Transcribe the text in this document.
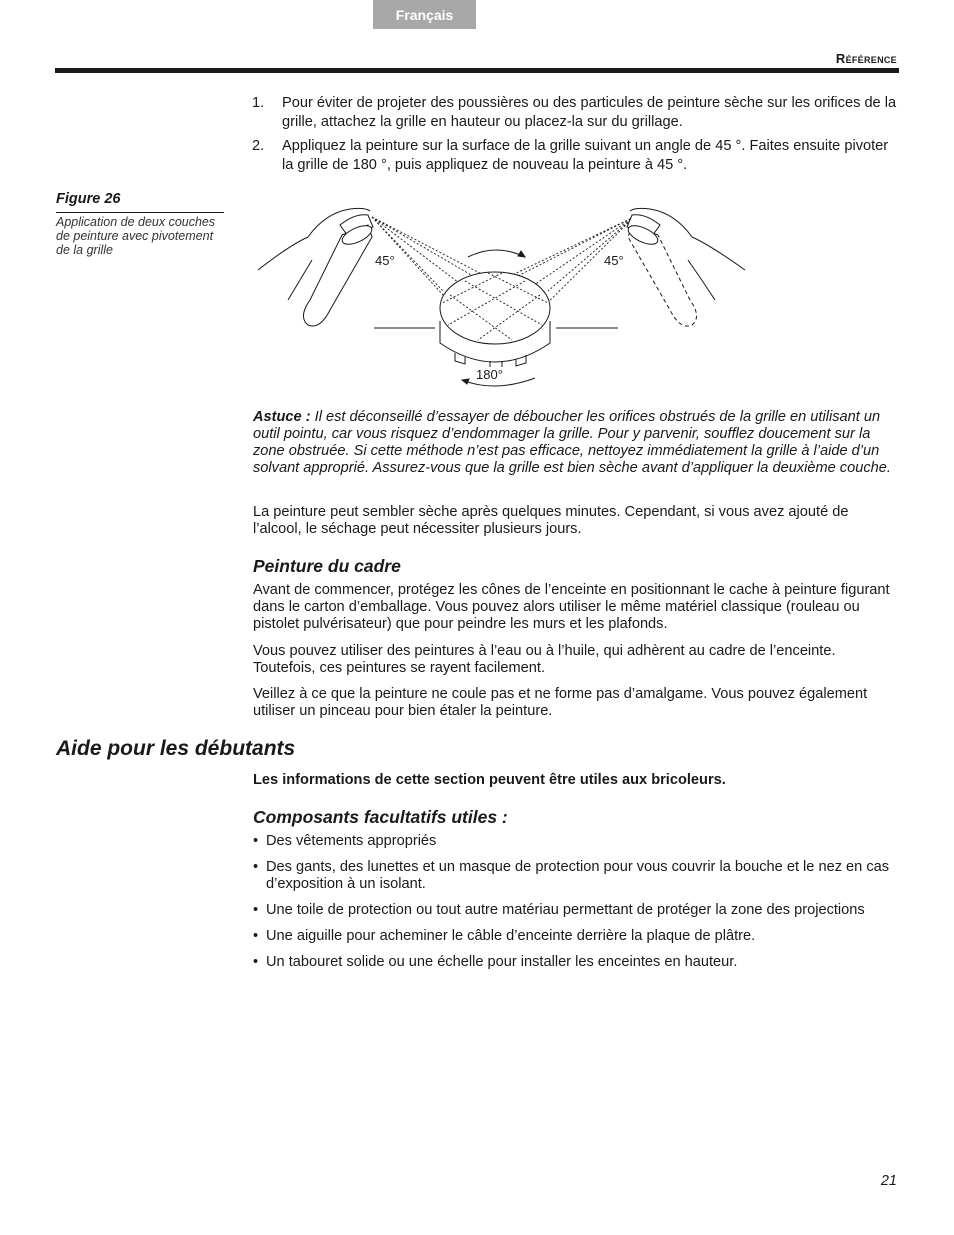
Français
Référence
1.	Pour éviter de projeter des poussières ou des particules de peinture sèche sur les orifices de la grille, attachez la grille en hauteur ou placez-la sur du grillage.
2.	Appliquez la peinture sur la surface de la grille suivant un angle de 45 °. Faites ensuite pivoter la grille de 180 °, puis appliquez de nouveau la peinture à 45 °.
Figure 26
Application de deux couches de peinture avec pivotement de la grille
45°	45°
180°
Astuce : Il est déconseillé d’essayer de déboucher les orifices obstrués de la grille en utilisant un outil pointu, car vous risquez d’endommager la grille. Pour y parvenir, soufflez doucement sur la zone obstruée. Si cette méthode n’est pas efficace, nettoyez immédiatement la grille à l’aide d’un solvant approprié. Assurez-vous que la grille est bien sèche avant d’appliquer la deuxième couche.
La peinture peut sembler sèche après quelques minutes. Cependant, si vous avez ajouté de l’alcool, le séchage peut nécessiter plusieurs jours.
Peinture du cadre
Avant de commencer, protégez les cônes de l’enceinte en positionnant le cache à peinture figurant dans le carton d’emballage. Vous pouvez alors utiliser le même matériel classique (rouleau ou pistolet pulvérisateur) que pour peindre les murs et les plafonds.
Vous pouvez utiliser des peintures à l’eau ou à l’huile, qui adhèrent au cadre de l’enceinte. Toutefois, ces peintures se rayent facilement.
Veillez à ce que la peinture ne coule pas et ne forme pas d’amalgame. Vous pouvez également utiliser un pinceau pour bien étaler la peinture.
Aide pour les débutants
Les informations de cette section peuvent être utiles aux bricoleurs.
Composants facultatifs utiles :
• Des vêtements appropriés
• Des gants, des lunettes et un masque de protection pour vous couvrir la bouche et le nez en cas d’exposition à un isolant.
• Une toile de protection ou tout autre matériau permettant de protéger la zone des projections
• Une aiguille pour acheminer le câble d’enceinte derrière la plaque de plâtre.
• Un tabouret solide ou une échelle pour installer les enceintes en hauteur.
21
